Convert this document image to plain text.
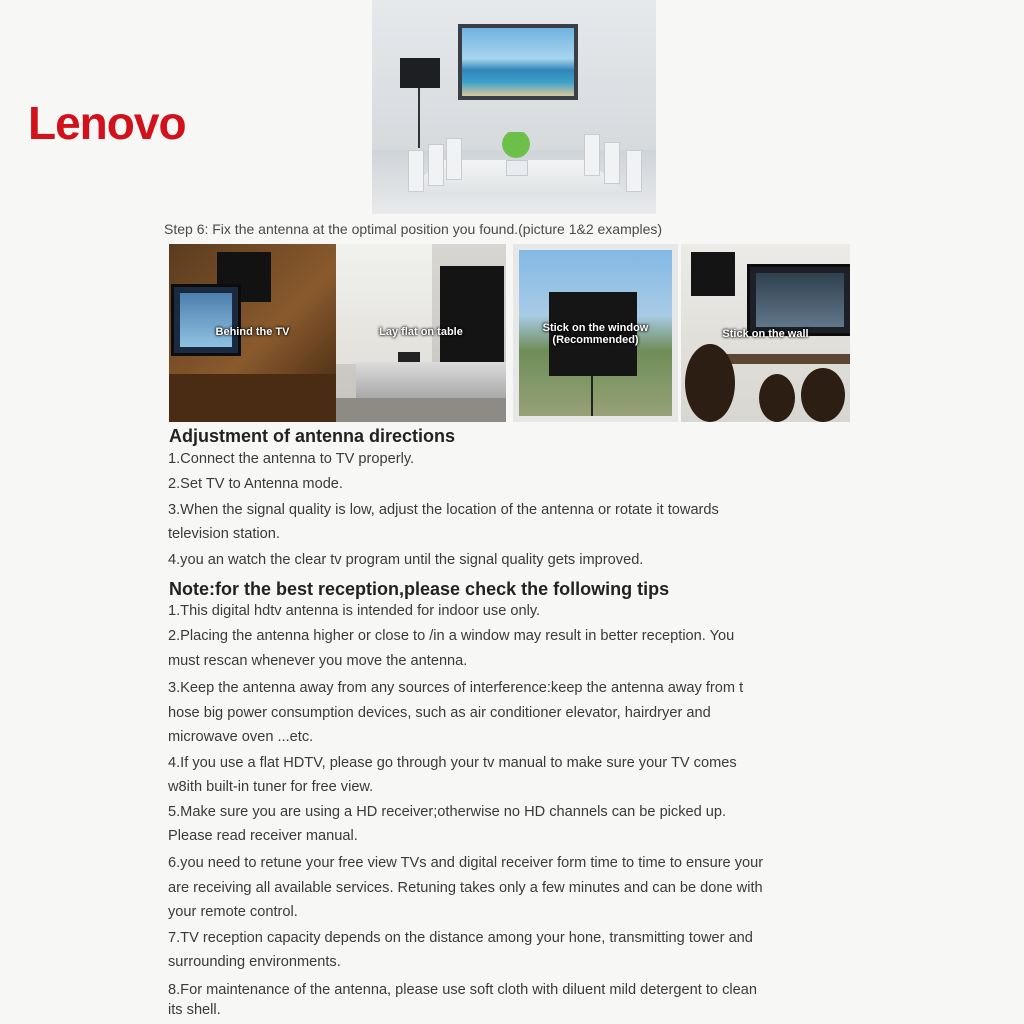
Lenovo
Step 6: Fix the antenna at the optimal position you found.(picture 1&2 examples)
Behind the TV	Lay flat on table	Stick on the window
(Recommended)	Stick on the wall
Adjustment of antenna directions
1.Connect the antenna to TV properly.
2.Set TV to Antenna mode.
3.When the signal quality is low, adjust the location of the antenna or rotate it towards
television station.
4.you an watch the clear tv program until the signal quality gets improved.
Note:for the best reception,please check the following tips
1.This digital hdtv antenna is intended for indoor use only.
2.Placing the antenna higher or close to /in a window may result in better reception. You
must rescan whenever you move the antenna.
3.Keep the antenna away from any sources of interference:keep the antenna away from t
hose big power consumption devices, such as air conditioner elevator, hairdryer and
microwave oven ...etc.
4.If you use a flat HDTV, please go through your tv manual to make sure your TV comes
w8ith built-in tuner for free view.
5.Make sure you are using a HD receiver;otherwise no HD channels can be picked up.
Please read receiver manual.
6.you need to retune your free view TVs and digital receiver form time to time to ensure your
are receiving all available services. Retuning takes only a few minutes and can be done with
your remote control.
7.TV reception capacity depends on the distance among your hone, transmitting tower and
surrounding environments.
8.For maintenance of the antenna, please use soft cloth with diluent mild detergent to clean
its shell.
